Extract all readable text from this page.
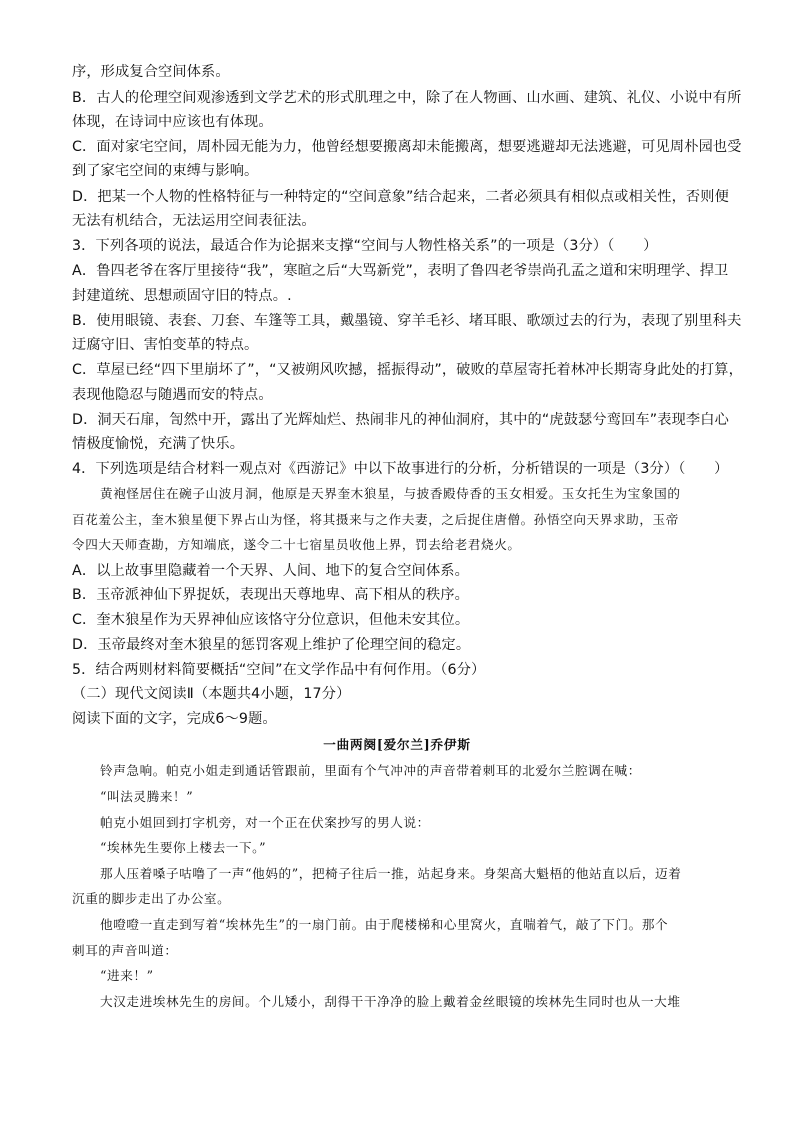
序，形成复合空间体系。
B．古人的伦理空间观渗透到文学艺术的形式肌理之中，除了在人物画、山水画、建筑、礼仪、小说中有所
体现，在诗词中应该也有体现。
C．面对家宅空间，周朴园无能为力，他曾经想要搬离却未能搬离，想要逃避却无法逃避，可见周朴园也受
到了家宅空间的束缚与影响。
D．把某一个人物的性格特征与一种特定的“空间意象”结合起来，二者必须具有相似点或相关性，否则便
无法有机结合，无法运用空间表征法。
3．下列各项的说法，最适合作为论据来支撑“空间与人物性格关系”的一项是（3分）（　　）
A．鲁四老爷在客厅里接待“我”，寒暄之后“大骂新党”，表明了鲁四老爷崇尚孔孟之道和宋明理学、捍卫
封建道统、思想顽固守旧的特点。.
B．使用眼镜、表套、刀套、车篷等工具，戴墨镜、穿羊毛衫、堵耳眼、歌颂过去的行为，表现了别里科夫
迂腐守旧、害怕变革的特点。
C．草屋已经“四下里崩坏了”，“又被朔风吹撼，摇振得动”，破败的草屋寄托着林冲长期寄身此处的打算，
表现他隐忍与随遇而安的特点。
D．洞天石扉，訇然中开，露出了光辉灿烂、热闹非凡的神仙洞府，其中的“虎鼓瑟兮鸾回车”表现李白心
情极度愉悦，充满了快乐。
4．下列选项是结合材料一观点对《西游记》中以下故事进行的分析，分析错误的一项是（3分）（　　）
黄袍怪居住在碗子山波月洞，他原是天界奎木狼星，与披香殿侍香的玉女相爱。玉女托生为宝象国的
百花羞公主，奎木狼星便下界占山为怪，将其摄来与之作夫妻，之后捉住唐僧。孙悟空向天界求助，玉帝
令四大天师查勘，方知端底，遂令二十七宿星员收他上界，罚去给老君烧火。
A．以上故事里隐藏着一个天界、人间、地下的复合空间体系。
B．玉帝派神仙下界捉妖，表现出天尊地卑、高下相从的秩序。
C．奎木狼星作为天界神仙应该恪守分位意识，但他未安其位。
D．玉帝最终对奎木狼星的惩罚客观上维护了伦理空间的稳定。
5．结合两则材料简要概括“空间”在文学作品中有何作用。（6分）
（二）现代文阅读Ⅱ（本题共4小题，17分）
阅读下面的文字，完成6～9题。
一曲两阕[爱尔兰]乔伊斯
铃声急响。帕克小姐走到通话管跟前，里面有个气冲冲的声音带着刺耳的北爱尔兰腔调在喊：
“叫法灵腾来！”
帕克小姐回到打字机旁，对一个正在伏案抄写的男人说：
“埃林先生要你上楼去一下。”
那人压着嗓子咕噜了一声“他妈的”，把椅子往后一推，站起身来。身架高大魁梧的他站直以后，迈着
沉重的脚步走出了办公室。
他噔噔一直走到写着“埃林先生”的一扇门前。由于爬楼梯和心里窝火，直喘着气，敲了下门。那个
刺耳的声音叫道：
“进来！”
大汉走进埃林先生的房间。个儿矮小，刮得干干净净的脸上戴着金丝眼镜的埃林先生同时也从一大堆
